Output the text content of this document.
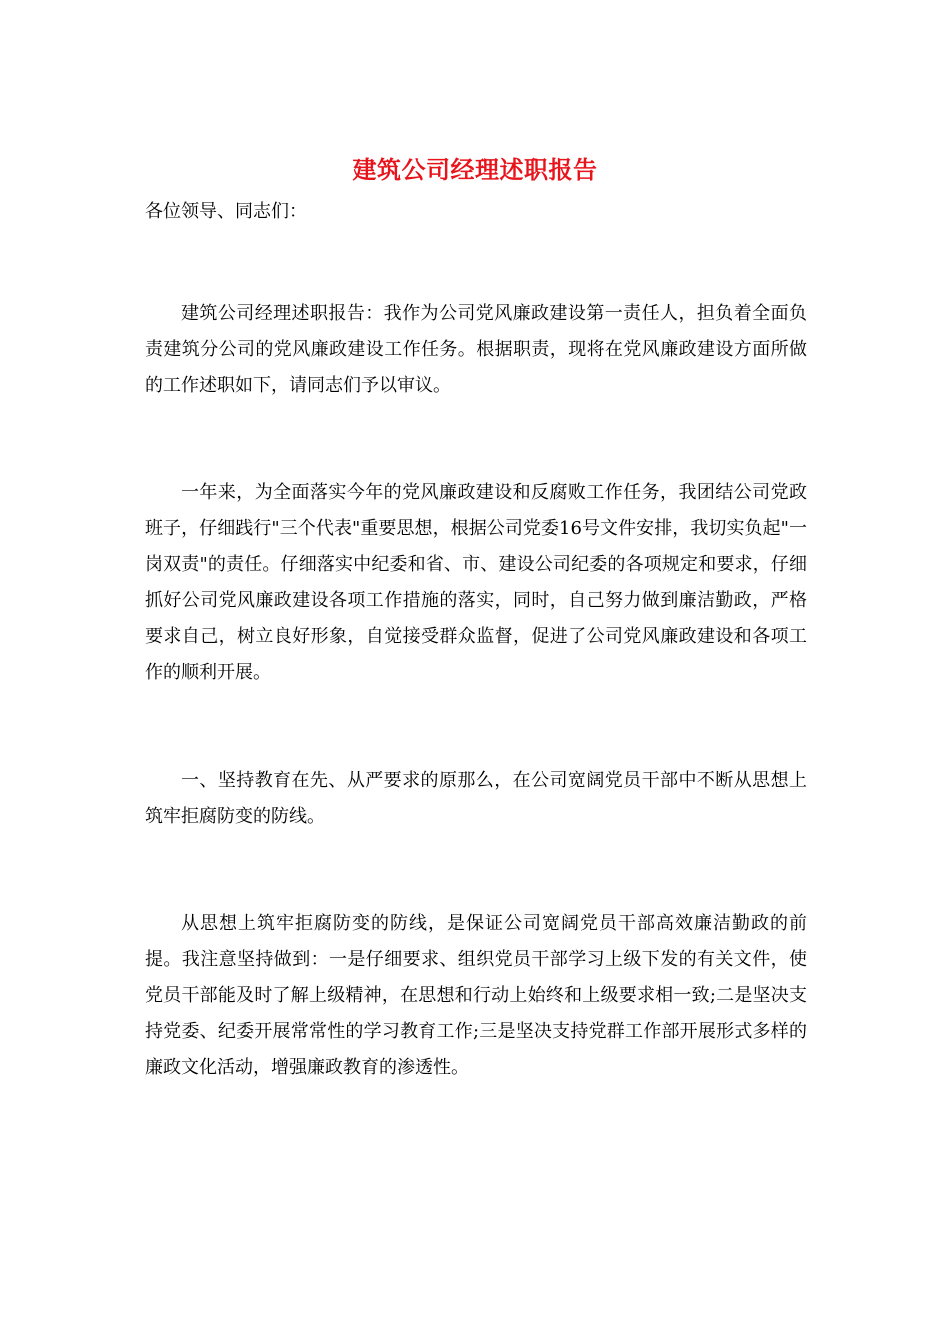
建筑公司经理述职报告
各位领导、同志们：

建筑公司经理述职报告：我作为公司党风廉政建设第一责任人，担负着全面负责建筑分公司的党风廉政建设工作任务。根据职责，现将在党风廉政建设方面所做的工作述职如下，请同志们予以审议。

一年来，为全面落实今年的党风廉政建设和反腐败工作任务，我团结公司党政班子，仔细践行"三个代表"重要思想，根据公司党委16号文件安排，我切实负起"一岗双责"的责任。仔细落实中纪委和省、市、建设公司纪委的各项规定和要求，仔细抓好公司党风廉政建设各项工作措施的落实，同时，自己努力做到廉洁勤政，严格要求自己，树立良好形象，自觉接受群众监督，促进了公司党风廉政建设和各项工作的顺利开展。

一、坚持教育在先、从严要求的原那么，在公司宽阔党员干部中不断从思想上筑牢拒腐防变的防线。

从思想上筑牢拒腐防变的防线，是保证公司宽阔党员干部高效廉洁勤政的前提。我注意坚持做到：一是仔细要求、组织党员干部学习上级下发的有关文件，使党员干部能及时了解上级精神，在思想和行动上始终和上级要求相一致;二是坚决支持党委、纪委开展常常性的学习教育工作;三是坚决支持党群工作部开展形式多样的廉政文化活动，增强廉政教育的渗透性。
